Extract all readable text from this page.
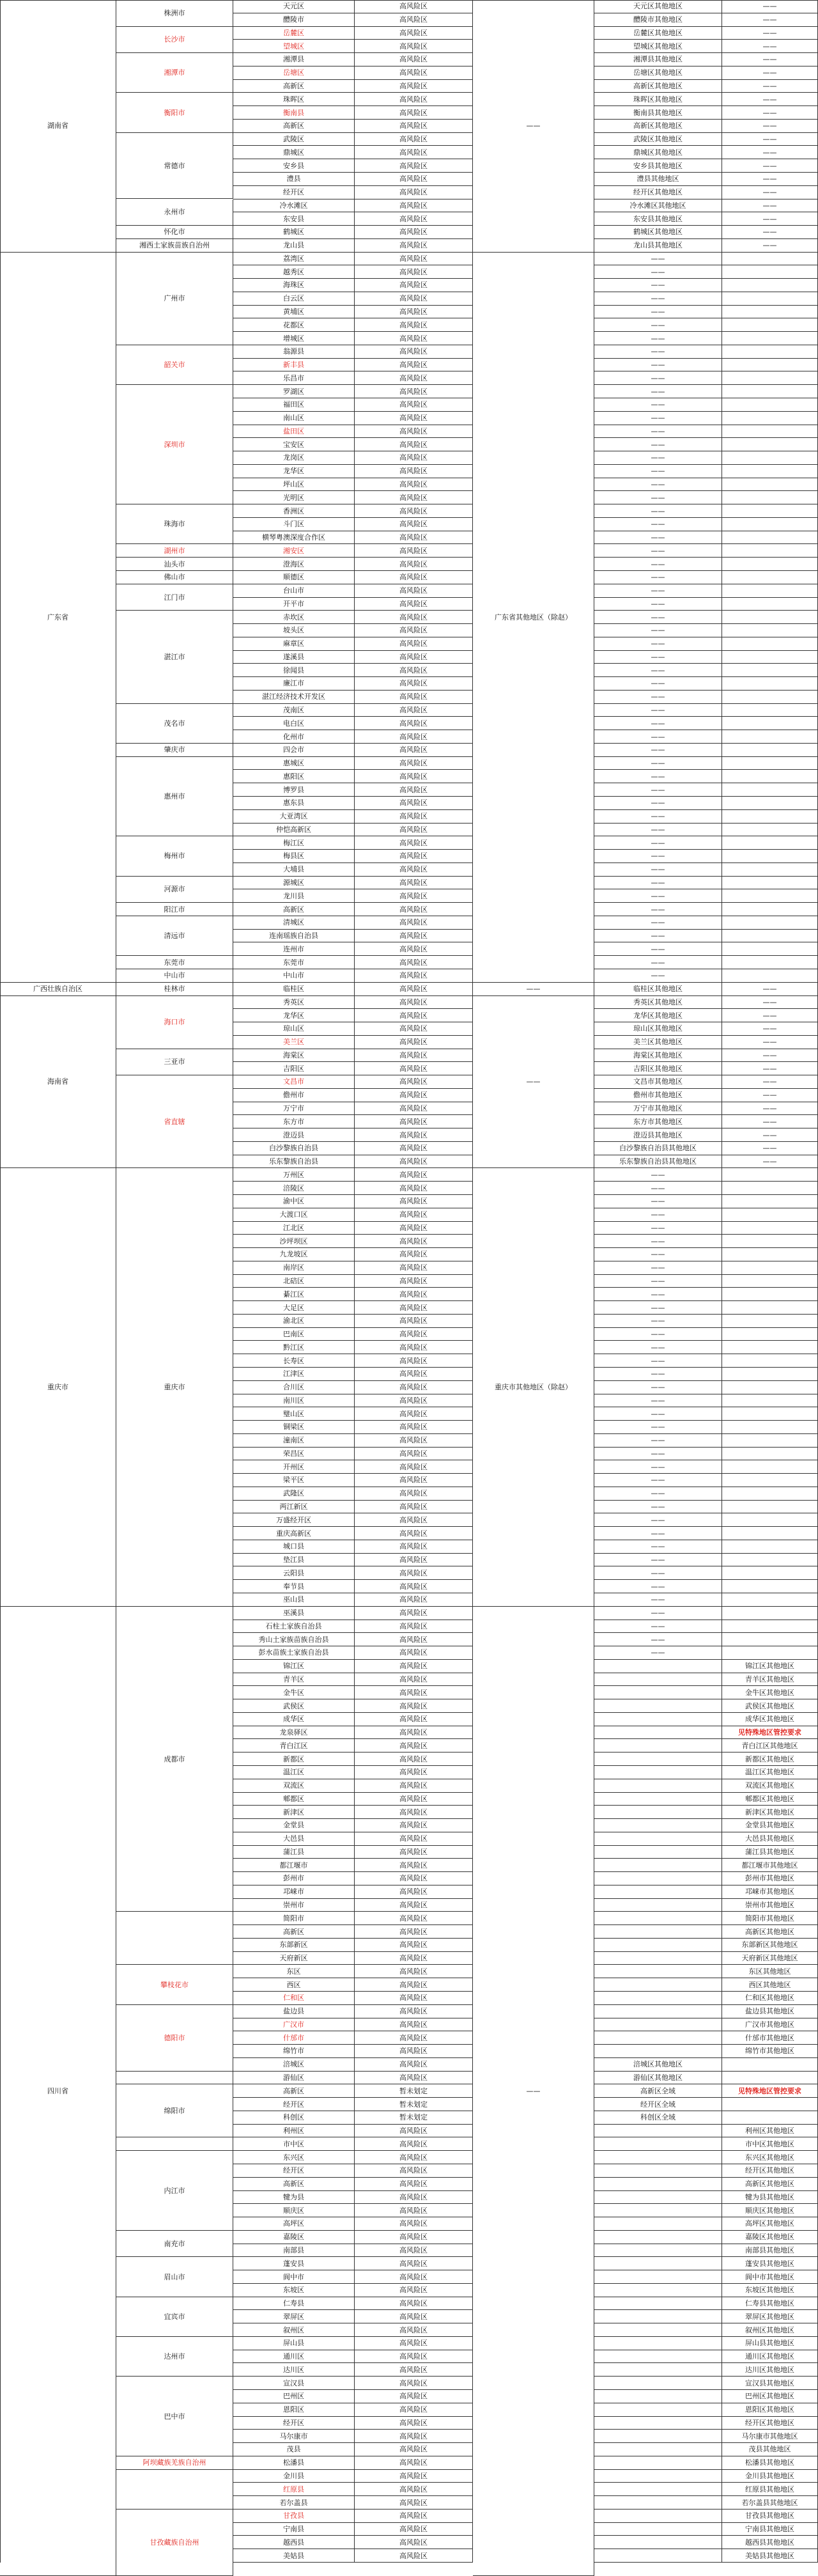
湖南省
广东省
广西壮族自治区
海南省
重庆市
四川省
株洲市
长沙市
湘潭市
衡阳市
常德市
永州市
怀化市
湘西土家族苗族自治州
广州市
韶关市
深圳市
珠海市
湖州市
汕头市
佛山市
江门市
湛江市
茂名市
肇庆市
惠州市
梅州市
河源市
阳江市
清远市
东莞市
中山市
桂林市
海口市
三亚市
省直辖
重庆市
成都市
攀枝花市
德阳市
绵阳市
内江市
南充市
眉山市
宜宾市
达州市
巴中市
阿坝藏族羌族自治州
甘孜藏族自治州
——
广东省其他地区（除赵）
——
——
重庆市其他地区（除赵）
——
天元区
醴陵市
岳麓区
望城区
湘潭县
岳塘区
高新区
珠晖区
衡南县
高新区
武陵区
鼎城区
安乡县
澧县
经开区
冷水滩区
东安县
鹤城区
龙山县
荔湾区
越秀区
海珠区
白云区
黄埔区
花都区
增城区
翁源县
新丰县
乐昌市
罗湖区
福田区
南山区
盐田区
宝安区
龙岗区
龙华区
坪山区
光明区
香洲区
斗门区
横琴粤澳深度合作区
湘安区
澄海区
顺德区
台山市
开平市
赤坎区
坡头区
麻章区
遂溪县
徐闻县
廉江市
湛江经济技术开发区
茂南区
电白区
化州市
四会市
惠城区
惠阳区
博罗县
惠东县
大亚湾区
仲恺高新区
梅江区
梅县区
大埔县
源城区
龙川县
高新区
清城区
连南瑶族自治县
连州市
东莞市
中山市
临桂区
秀英区
龙华区
琼山区
美兰区
海棠区
吉阳区
文昌市
儋州市
万宁市
东方市
澄迈县
白沙黎族自治县
乐东黎族自治县
万州区
涪陵区
渝中区
大渡口区
江北区
沙坪坝区
九龙坡区
南岸区
北碚区
綦江区
大足区
渝北区
巴南区
黔江区
长寿区
江津区
合川区
南川区
璧山区
铜梁区
潼南区
荣昌区
开州区
梁平区
武隆区
两江新区
万盛经开区
重庆高新区
城口县
垫江县
云阳县
奉节县
巫山县
巫溪县
石柱土家族自治县
秀山土家族苗族自治县
彭水苗族土家族自治县
锦江区
青羊区
金牛区
武侯区
成华区
龙泉驿区
青白江区
新都区
温江区
双流区
郫都区
新津区
金堂县
大邑县
蒲江县
都江堰市
彭州市
邛崃市
崇州市
简阳市
高新区
东部新区
天府新区
东区
西区
仁和区
盐边县
广汉市
什邡市
绵竹市
涪城区
游仙区
高新区
经开区
科创区
利州区
市中区
东兴区
经开区
高新区
犍为县
顺庆区
高坪区
嘉陵区
南部县
蓬安县
阆中市
东坡区
仁寿县
翠屏区
叙州区
屏山县
通川区
达川区
宣汉县
巴州区
恩阳区
经开区
马尔康市
茂县
松潘县
金川县
红原县
若尔盖县
甘孜县
宁南县
越西县
美姑县
高风险区
高风险区
高风险区
高风险区
高风险区
高风险区
高风险区
高风险区
高风险区
高风险区
高风险区
高风险区
高风险区
高风险区
高风险区
高风险区
高风险区
高风险区
高风险区
高风险区
高风险区
高风险区
高风险区
高风险区
高风险区
高风险区
高风险区
高风险区
高风险区
高风险区
高风险区
高风险区
高风险区
高风险区
高风险区
高风险区
高风险区
高风险区
高风险区
高风险区
高风险区
高风险区
高风险区
高风险区
高风险区
高风险区
高风险区
高风险区
高风险区
高风险区
高风险区
高风险区
高风险区
高风险区
高风险区
高风险区
高风险区
高风险区
高风险区
高风险区
高风险区
高风险区
高风险区
高风险区
高风险区
高风险区
高风险区
高风险区
高风险区
高风险区
高风险区
高风险区
高风险区
高风险区
高风险区
高风险区
高风险区
高风险区
高风险区
高风险区
高风险区
高风险区
高风险区
高风险区
高风险区
高风险区
高风险区
高风险区
高风险区
高风险区
高风险区
高风险区
高风险区
高风险区
高风险区
高风险区
高风险区
高风险区
高风险区
高风险区
高风险区
高风险区
高风险区
高风险区
高风险区
高风险区
高风险区
高风险区
高风险区
高风险区
高风险区
高风险区
高风险区
高风险区
高风险区
高风险区
高风险区
高风险区
高风险区
高风险区
高风险区
高风险区
高风险区
高风险区
高风险区
高风险区
高风险区
高风险区
高风险区
高风险区
高风险区
高风险区
高风险区
高风险区
高风险区
高风险区
高风险区
高风险区
高风险区
高风险区
高风险区
高风险区
高风险区
高风险区
高风险区
高风险区
高风险区
高风险区
高风险区
高风险区
高风险区
高风险区
高风险区
高风险区
高风险区
高风险区
高风险区
暂未划定
暂未划定
暂未划定
高风险区
高风险区
高风险区
高风险区
高风险区
高风险区
高风险区
高风险区
高风险区
高风险区
高风险区
高风险区
高风险区
高风险区
高风险区
高风险区
高风险区
高风险区
高风险区
高风险区
高风险区
高风险区
高风险区
高风险区
高风险区
高风险区
高风险区
高风险区
高风险区
高风险区
高风险区
高风险区
高风险区
天元区其他地区
醴陵市其他地区
岳麓区其他地区
望城区其他地区
湘潭县其他地区
岳塘区其他地区
高新区其他地区
珠晖区其他地区
衡南县其他地区
高新区其他地区
武陵区其他地区
鼎城区其他地区
安乡县其他地区
澧县其他地区
经开区其他地区
冷水滩区其他地区
东安县其他地区
鹤城区其他地区
龙山县其他地区
——
——
——
——
——
——
——
——
——
——
——
——
——
——
——
——
——
——
——
——
——
——
——
——
——
——
——
——
——
——
——
——
——
——
——
——
——
——
——
——
——
——
——
——
——
——
——
——
——
——
——
——
——
——
——
临桂区其他地区
秀英区其他地区
龙华区其他地区
琼山区其他地区
美兰区其他地区
海棠区其他地区
吉阳区其他地区
文昌市其他地区
儋州市其他地区
万宁市其他地区
东方市其他地区
澄迈县其他地区
白沙黎族自治县其他地区
乐东黎族自治县其他地区
——
——
——
——
——
——
——
——
——
——
——
——
——
——
——
——
——
——
——
——
——
——
——
——
——
——
——
——
——
——
——
——
——
——
——
——
——
涪城区其他地区
游仙区其他地区
高新区全域
经开区全域
科创区全域
——
——
——
——
——
——
——
——
——
——
——
——
——
——
——
——
——
——
——
——
——
——
——
——
——
——
——
——
——
——
——
——
——
锦江区其他地区
青羊区其他地区
金牛区其他地区
武侯区其他地区
成华区其他地区
见特殊地区管控要求
青白江区其他地区
新都区其他地区
温江区其他地区
双流区其他地区
郫都区其他地区
新津区其他地区
金堂县其他地区
大邑县其他地区
蒲江县其他地区
都江堰市其他地区
彭州市其他地区
邛崃市其他地区
崇州市其他地区
简阳市其他地区
高新区其他地区
东部新区其他地区
天府新区其他地区
东区其他地区
西区其他地区
仁和区其他地区
盐边县其他地区
广汉市其他地区
什邡市其他地区
绵竹市其他地区
见特殊地区管控要求
利州区其他地区
市中区其他地区
东兴区其他地区
经开区其他地区
高新区其他地区
犍为县其他地区
顺庆区其他地区
高坪区其他地区
嘉陵区其他地区
南部县其他地区
蓬安县其他地区
阆中市其他地区
东坡区其他地区
仁寿县其他地区
翠屏区其他地区
叙州区其他地区
屏山县其他地区
通川区其他地区
达川区其他地区
宣汉县其他地区
巴州区其他地区
恩阳区其他地区
经开区其他地区
马尔康市其他地区
茂县其他地区
松潘县其他地区
金川县其他地区
红原县其他地区
若尔盖县其他地区
甘孜县其他地区
宁南县其他地区
越西县其他地区
美姑县其他地区
